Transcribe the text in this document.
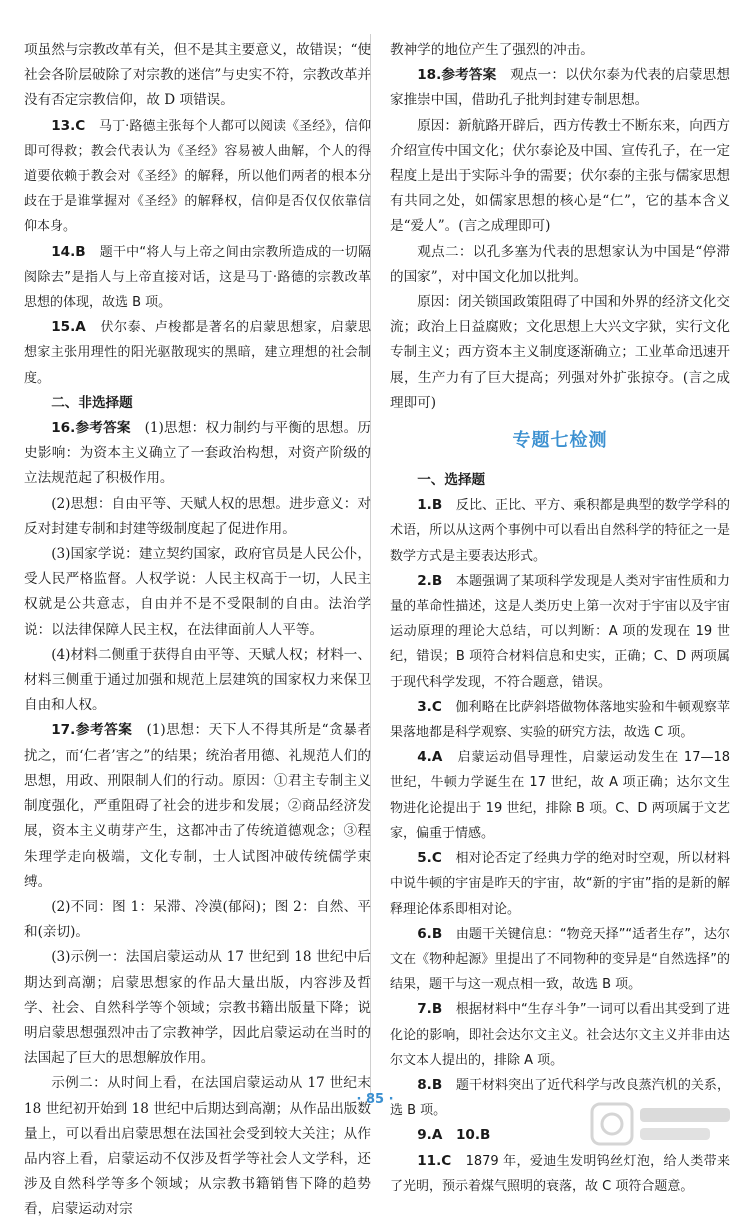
项虽然与宗教改革有关，但不是其主要意义，故错误；“使社会各阶层破除了对宗教的迷信”与史实不符，宗教改革并没有否定宗教信仰，故 D 项错误。

13.C　 马丁·路德主张每个人都可以阅读《圣经》，信仰即可得救；教会代表认为《圣经》容易被人曲解，个人的得道要依赖于教会对《圣经》的解释，所以他们两者的根本分歧在于是谁掌握对《圣经》的解释权，信仰是否仅仅依靠信仰本身。

14.B　 题干中“将人与上帝之间由宗教所造成的一切隔阂除去”是指人与上帝直接对话，这是马丁·路德的宗教改革思想的体现，故选 B 项。

15.A　 伏尔泰、卢梭都是著名的启蒙思想家，启蒙思想家主张用理性的阳光驱散现实的黑暗，建立理想的社会制度。

二、非选择题

16.参考答案　 (1)思想：权力制约与平衡的思想。历史影响：为资本主义确立了一套政治构想，对资产阶级的立法规范起了积极作用。

(2)思想：自由平等、天赋人权的思想。进步意义：对反对封建专制和封建等级制度起了促进作用。

(3)国家学说：建立契约国家，政府官员是人民公仆，受人民严格监督。人权学说：人民主权高于一切，人民主权就是公共意志，自由并不是不受限制的自由。法治学说：以法律保障人民主权，在法律面前人人平等。

(4)材料二侧重于获得自由平等、天赋人权；材料一、材料三侧重于通过加强和规范上层建筑的国家权力来保卫自由和人权。

17.参考答案　 (1)思想：天下人不得其所是“贪暴者扰之，而‘仁者’害之”的结果；统治者用德、礼规范人们的思想，用政、刑限制人们的行动。原因：①君主专制主义制度强化，严重阻碍了社会的进步和发展；②商品经济发展，资本主义萌芽产生，这都冲击了传统道德观念；③程朱理学走向极端，文化专制，士人试图冲破传统儒学束缚。

(2)不同：图 1：呆滞、冷漠(郁闷)；图 2：自然、平和(亲切)。

(3)示例一：法国启蒙运动从 17 世纪到 18 世纪中后期达到高潮；启蒙思想家的作品大量出版，内容涉及哲学、社会、自然科学等个领域；宗教书籍出版量下降；说明启蒙思想强烈冲击了宗教神学，因此启蒙运动在当时的法国起了巨大的思想解放作用。

示例二：从时间上看，在法国启蒙运动从 17 世纪末 18 世纪初开始到 18 世纪中后期达到高潮；从作品出版数量上，可以看出启蒙思想在法国社会受到较大关注；从作品内容上看，启蒙运动不仅涉及哲学等社会人文学科，还涉及自然科学等多个领域；从宗教书籍销售下降的趋势看，启蒙运动对宗

教神学的地位产生了强烈的冲击。

18.参考答案　 观点一：以伏尔泰为代表的启蒙思想家推崇中国，借助孔子批判封建专制思想。

原因：新航路开辟后，西方传教士不断东来，向西方介绍宣传中国文化；伏尔泰论及中国、宣传孔子，在一定程度上是出于实际斗争的需要；伏尔泰的主张与儒家思想有共同之处，如儒家思想的核心是“仁”，它的基本含义是“爱人”。(言之成理即可)

观点二：以孔多塞为代表的思想家认为中国是“停滞的国家”，对中国文化加以批判。

原因：闭关锁国政策阻碍了中国和外界的经济文化交流；政治上日益腐败；文化思想上大兴文字狱，实行文化专制主义；西方资本主义制度逐渐确立；工业革命迅速开展，生产力有了巨大提高；列强对外扩张掠夺。(言之成理即可)

专题七检测

一、选择题

1.B　 反比、正比、平方、乘积都是典型的数学学科的术语，所以从这两个事例中可以看出自然科学的特征之一是数学方式是主要表达形式。

2.B　 本题强调了某项科学发现是人类对宇宙性质和力量的革命性描述，这是人类历史上第一次对于宇宙以及宇宙运动原理的理论大总结，可以判断：A 项的发现在 19 世纪，错误；B 项符合材料信息和史实，正确；C、D 两项属于现代科学发现，不符合题意，错误。

3.C　 伽利略在比萨斜塔做物体落地实验和牛顿观察苹果落地都是科学观察、实验的研究方法，故选 C 项。

4.A　 启蒙运动倡导理性，启蒙运动发生在 17—18 世纪，牛顿力学诞生在 17 世纪，故 A 项正确；达尔文生物进化论提出于 19 世纪，排除 B 项。C、D 两项属于文艺家，偏重于情感。

5.C　 相对论否定了经典力学的绝对时空观，所以材料中说牛顿的宇宙是昨天的宇宙，故“新的宇宙”指的是新的解释理论体系即相对论。

6.B　 由题干关键信息：“物竞天择”“适者生存”，达尔文在《物种起源》里提出了不同物种的变异是“自然选择”的结果，题干与这一观点相一致，故选 B 项。

7.B　 根据材料中“生存斗争”一词可以看出其受到了进化论的影响，即社会达尔文主义。社会达尔文主义并非由达尔文本人提出的，排除 A 项。

8.B　 题干材料突出了近代科学与改良蒸汽机的关系，选 B 项。

9.A　 10.B

11.C　 1879 年，爱迪生发明钨丝灯泡，给人类带来了光明，预示着煤气照明的衰落，故 C 项符合题意。

· 85 ·
